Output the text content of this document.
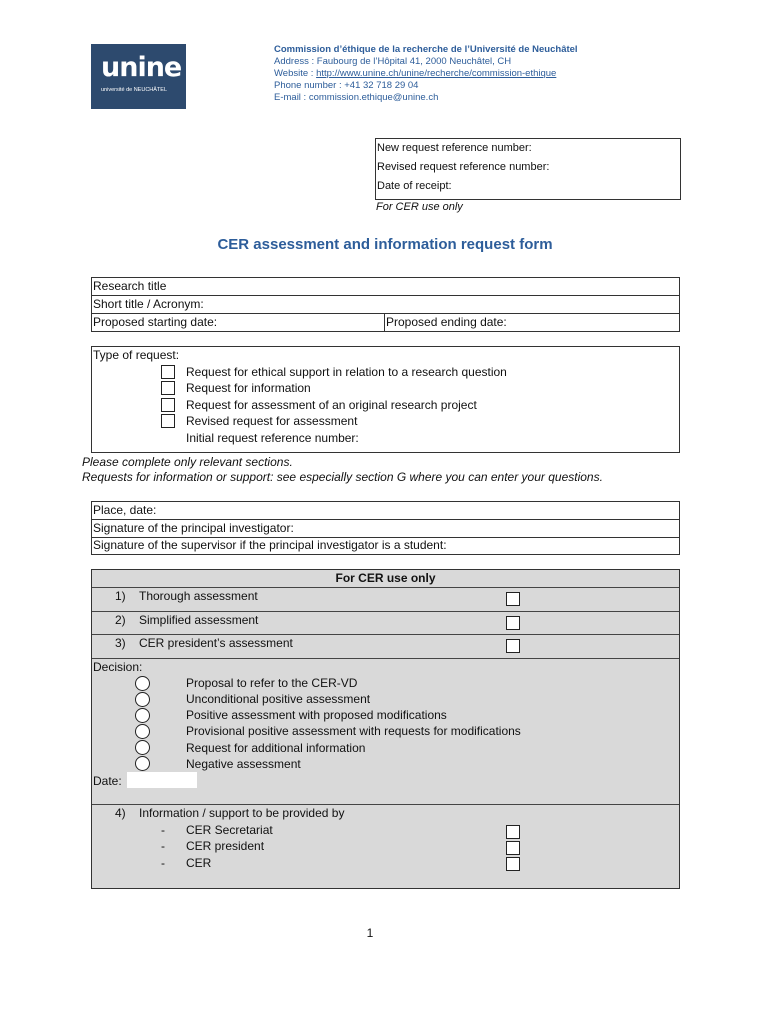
unine
université de NEUCHÂTEL
Commission d’éthique de la recherche de l’Université de Neuchâtel
Address : Faubourg de l’Hôpital 41, 2000 Neuchâtel, CH
Website : http://www.unine.ch/unine/recherche/commission-ethique
Phone number : +41 32 718 29 04
E-mail : commission.ethique@unine.ch
New request reference number:
Revised request reference number:
Date of receipt:
For CER use only
CER assessment and information request form
Research title
Short title / Acronym:
Proposed starting date:	Proposed ending date:
Type of request:
Request for ethical support in relation to a research question
Request for information
Request for assessment of an original research project
Revised request for assessment
Initial request reference number:
Please complete only relevant sections.
Requests for information or support: see especially section G where you can enter your questions.
Place, date:
Signature of the principal investigator:
Signature of the supervisor if the principal investigator is a student:
For CER use only
1) Thorough assessment
2) Simplified assessment
3) CER president’s assessment
Decision:
Proposal to refer to the CER-VD
Unconditional positive assessment
Positive assessment with proposed modifications
Provisional positive assessment with requests for modifications
Request for additional information
Negative assessment
Date:
4) Information / support to be provided by
- CER Secretariat
- CER president
- CER
1
